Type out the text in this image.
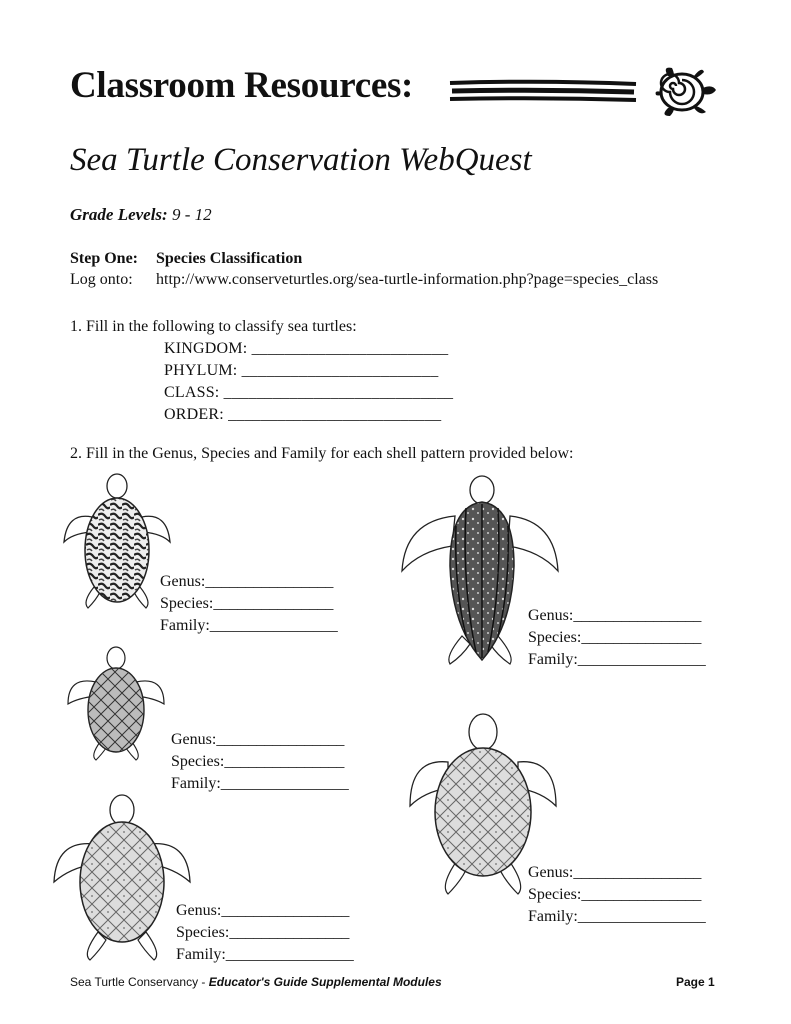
Classroom Resources:
Sea Turtle Conservation WebQuest
Grade Levels: 9 - 12
Step One: Species Classification
Log onto: http://www.conserveturtles.org/sea-turtle-information.php?page=species_class
1. Fill in the following to classify sea turtles:
KINGDOM: ________________________
PHYLUM: ________________________
CLASS: ____________________________
ORDER: __________________________
2. Fill in the Genus, Species and Family for each shell pattern provided below:
Genus:________________
Species:_______________
Family:________________
Genus:________________
Species:_______________
Family:________________
Genus:________________
Species:_______________
Family:________________
Genus:________________
Species:_______________
Family:________________
Genus:________________
Species:_______________
Family:________________
Sea Turtle Conservancy - Educator's Guide Supplemental Modules	Page 1
